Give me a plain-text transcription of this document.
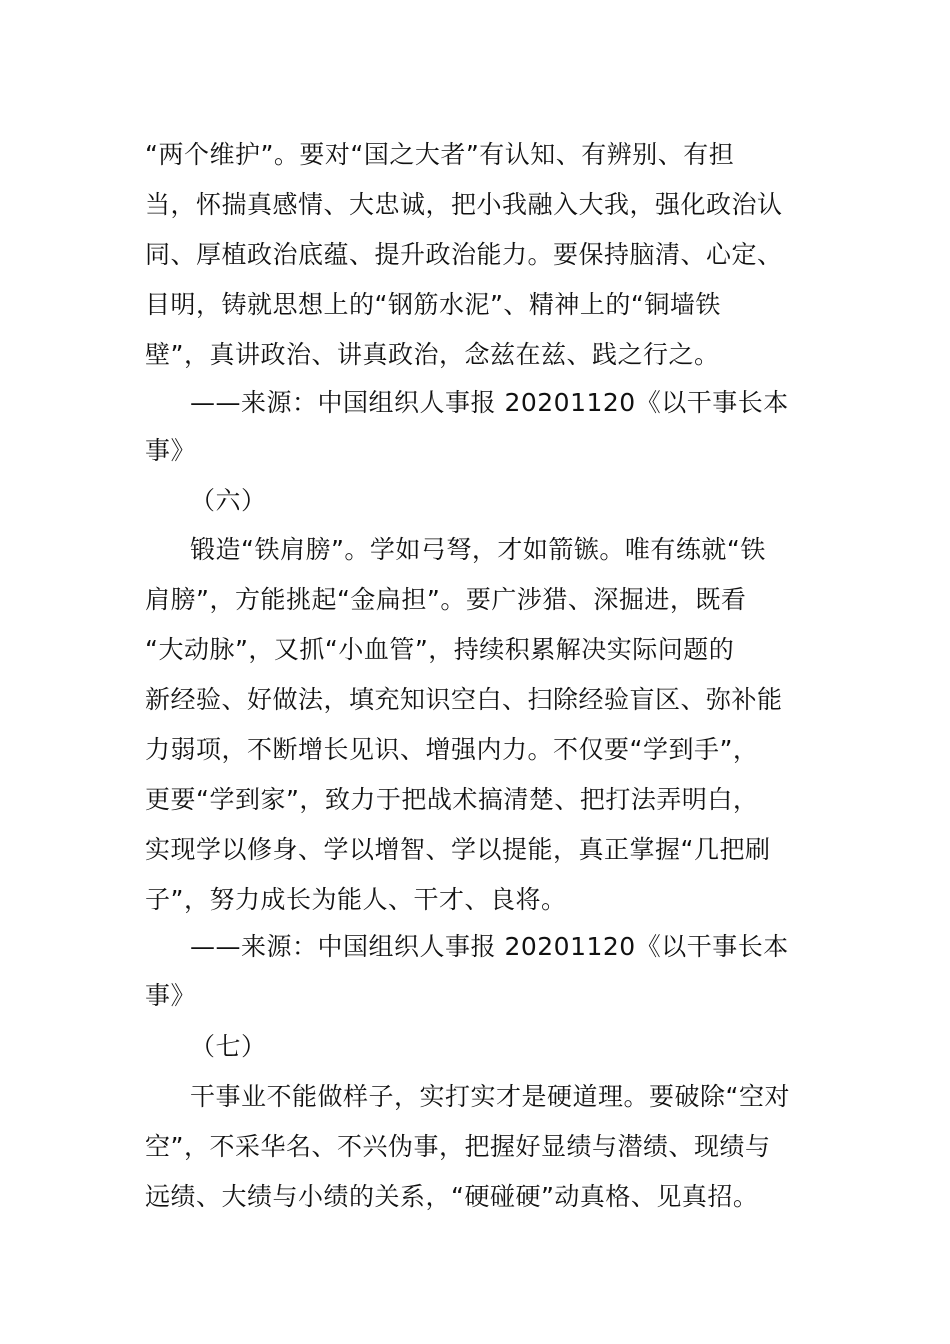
“两个维护”。要对“国之大者”有认知、有辨别、有担
当，怀揣真感情、大忠诚，把小我融入大我，强化政治认
同、厚植政治底蕴、提升政治能力。要保持脑清、心定、
目明，铸就思想上的“钢筋水泥”、精神上的“铜墙铁
壁”，真讲政治、讲真政治，念兹在兹、践之行之。
——来源：中国组织人事报 20201120《以干事长本
事》
（六）
锻造“铁肩膀”。学如弓弩，才如箭镞。唯有练就“铁
肩膀”，方能挑起“金扁担”。要广涉猎、深掘进，既看
“大动脉”，又抓“小血管”，持续积累解决实际问题的
新经验、好做法，填充知识空白、扫除经验盲区、弥补能
力弱项，不断增长见识、增强内力。不仅要“学到手”，
更要“学到家”，致力于把战术搞清楚、把打法弄明白，
实现学以修身、学以增智、学以提能，真正掌握“几把刷
子”，努力成长为能人、干才、良将。
——来源：中国组织人事报 20201120《以干事长本
事》
（七）
干事业不能做样子，实打实才是硬道理。要破除“空对
空”，不采华名、不兴伪事，把握好显绩与潜绩、现绩与
远绩、大绩与小绩的关系，“硬碰硬”动真格、见真招。
